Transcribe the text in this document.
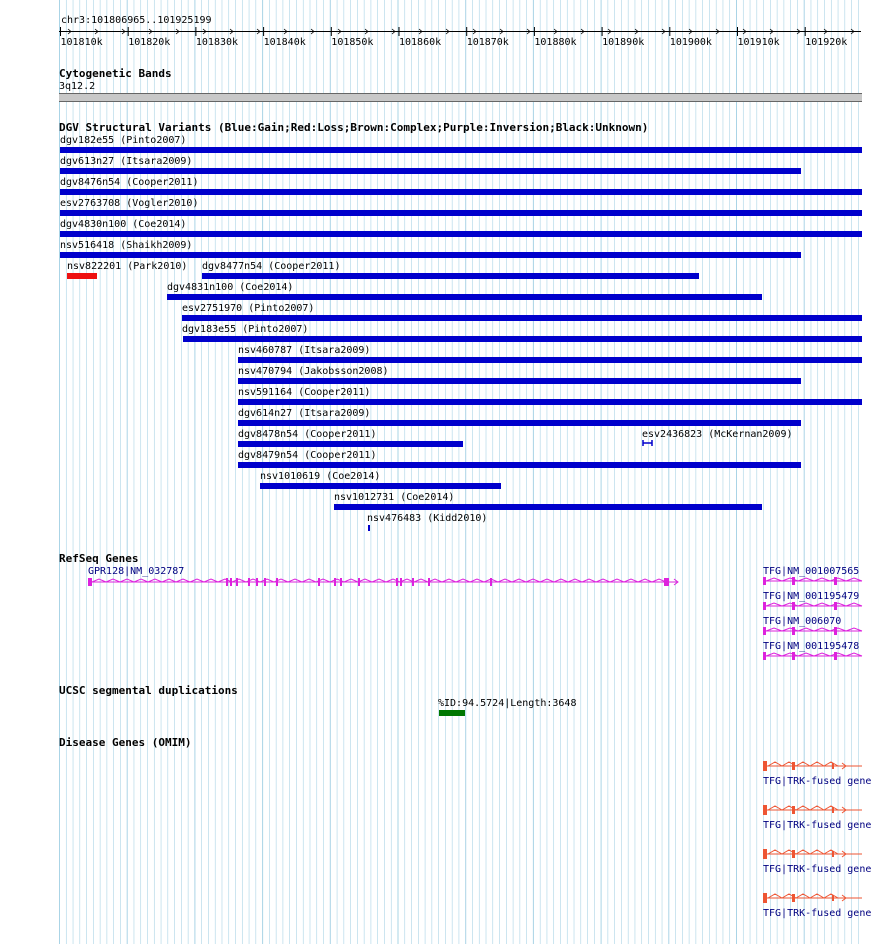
chr3:101806965..101925199
101810k	101820k	101830k	101840k	101850k	101860k	101870k	101880k	101890k	101900k	101910k	101920k
Cytogenetic Bands
3q12.2
DGV Structural Variants (Blue:Gain;Red:Loss;Brown:Complex;Purple:Inversion;Black:Unknown)
dgv182e55 (Pinto2007)
dgv613n27 (Itsara2009)
dgv8476n54 (Cooper2011)
esv2763708 (Vogler2010)
dgv4830n100 (Coe2014)
nsv516418 (Shaikh2009)
nsv822201 (Park2010) dgv8477n54 (Cooper2011)
dgv4831n100 (Coe2014)
esv2751970 (Pinto2007)
dgv183e55 (Pinto2007)
nsv460787 (Itsara2009)
nsv470794 (Jakobsson2008)
nsv591164 (Cooper2011)
dgv614n27 (Itsara2009)
dgv8478n54 (Cooper2011)	esv2436823 (McKernan2009)
dgv8479n54 (Cooper2011)
nsv1010619 (Coe2014)
nsv1012731 (Coe2014)
nsv476483 (Kidd2010)
RefSeq Genes
GPR128|NM_032787	TFG|NM_001007565
TFG|NM_001195479
TFG|NM_006070
TFG|NM_001195478
UCSC segmental duplications
%ID:94.5724|Length:3648
Disease Genes (OMIM)
TFG|TRK-fused gene
TFG|TRK-fused gene
TFG|TRK-fused gene
TFG|TRK-fused gene
